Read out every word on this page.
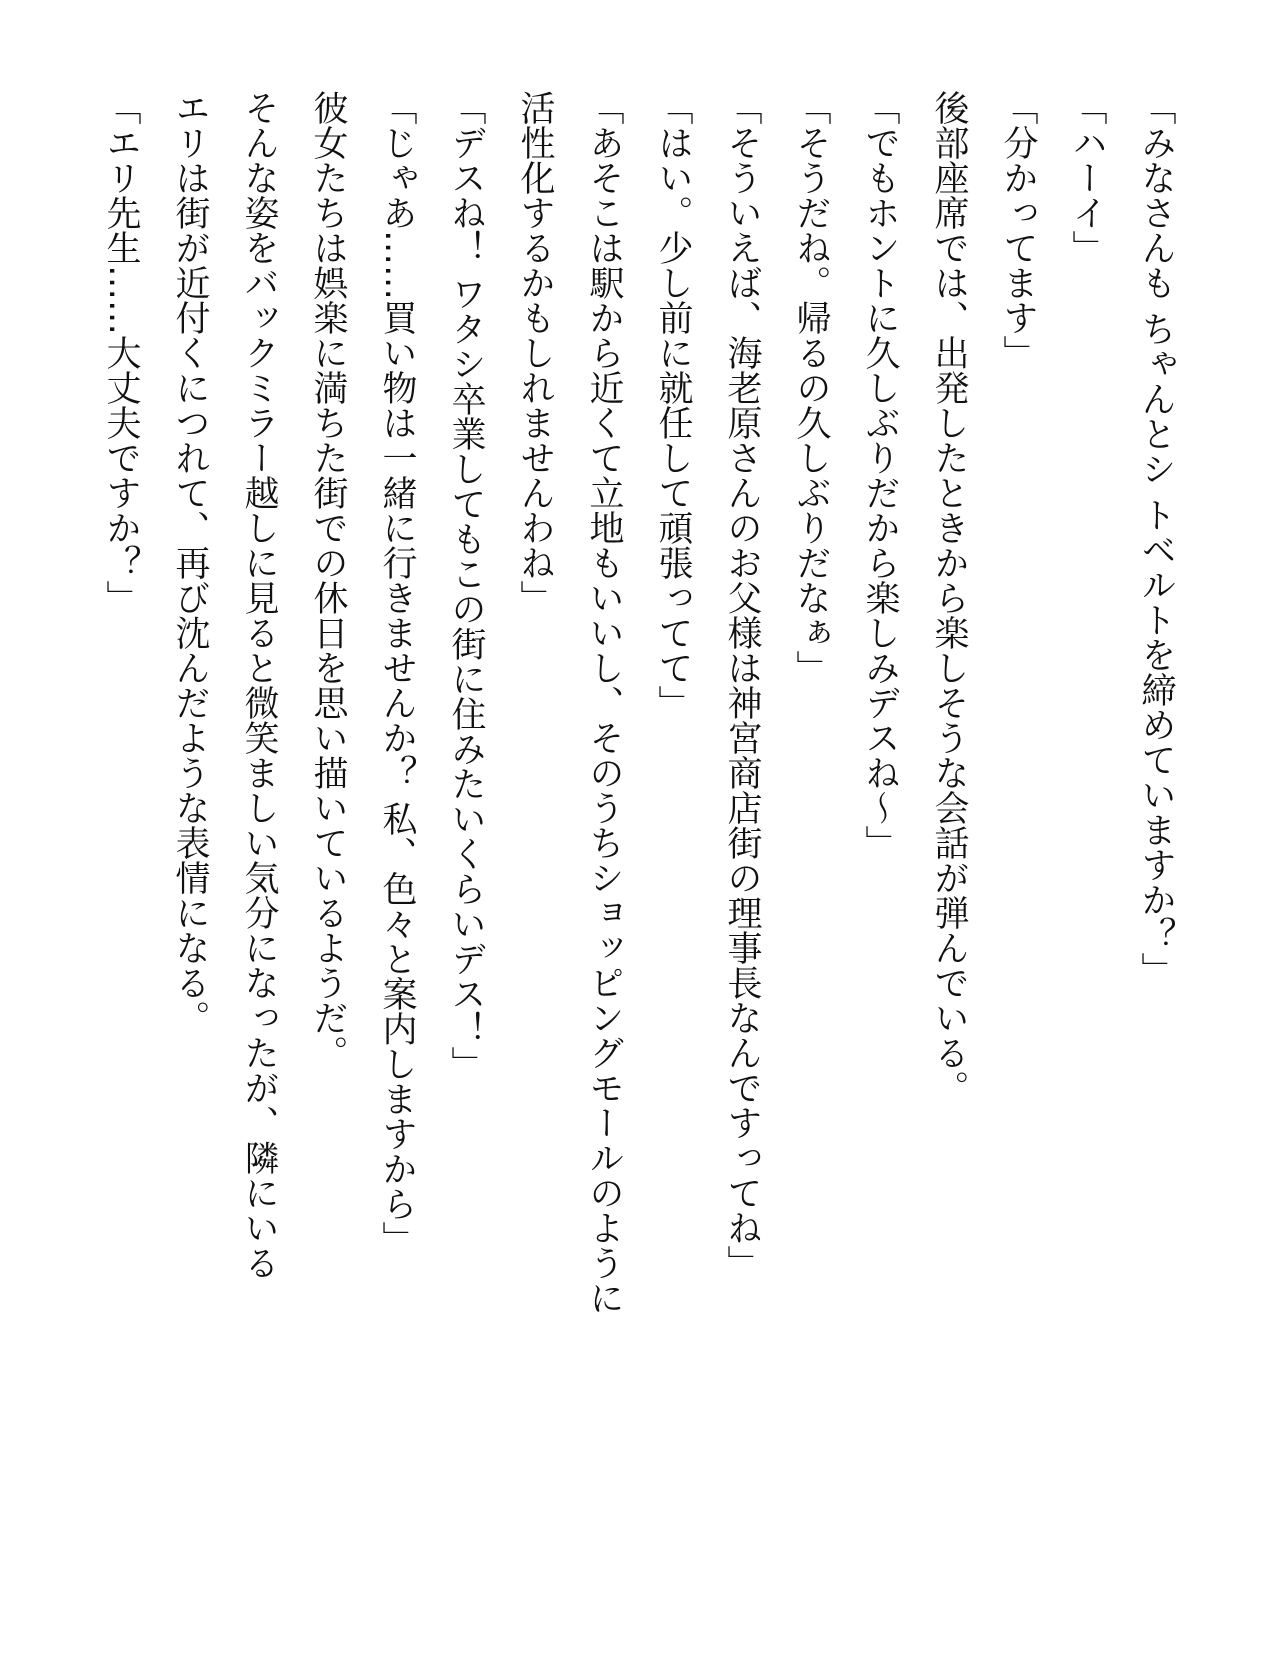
「みなさんも ちゃんとシ トベルトを締めていますか？」
「ハーイ」
「分かってます」
後部座席では、出発したときから楽しそうな会話が弾んでいる。
「でもホントに久しぶりだから楽しみデスね～」
「そうだね。帰るの久しぶりだなぁ」
「そういえば、海老原さんのお父様は神宮商店街の理事長なんですってね」
「はい。少し前に就任して頑張ってて」
「あそこは駅から近くて立地もいいし、そのうちショッピングモールのように
活性化するかもしれませんわね」
「デスね！ ワタシ卒業してもこの街に住みたいくらいデス！」
「じゃあ……買い物は一緒に行きませんか？ 私、色々と案内しますから」
彼女たちは娯楽に満ちた街での休日を思い描いているようだ。
そんな姿をバックミラー越しに見ると微笑ましい気分になったが、隣にいる
エリは街が近付くにつれて、再び沈んだような表情になる。
「エリ先生……大丈夫ですか？」
